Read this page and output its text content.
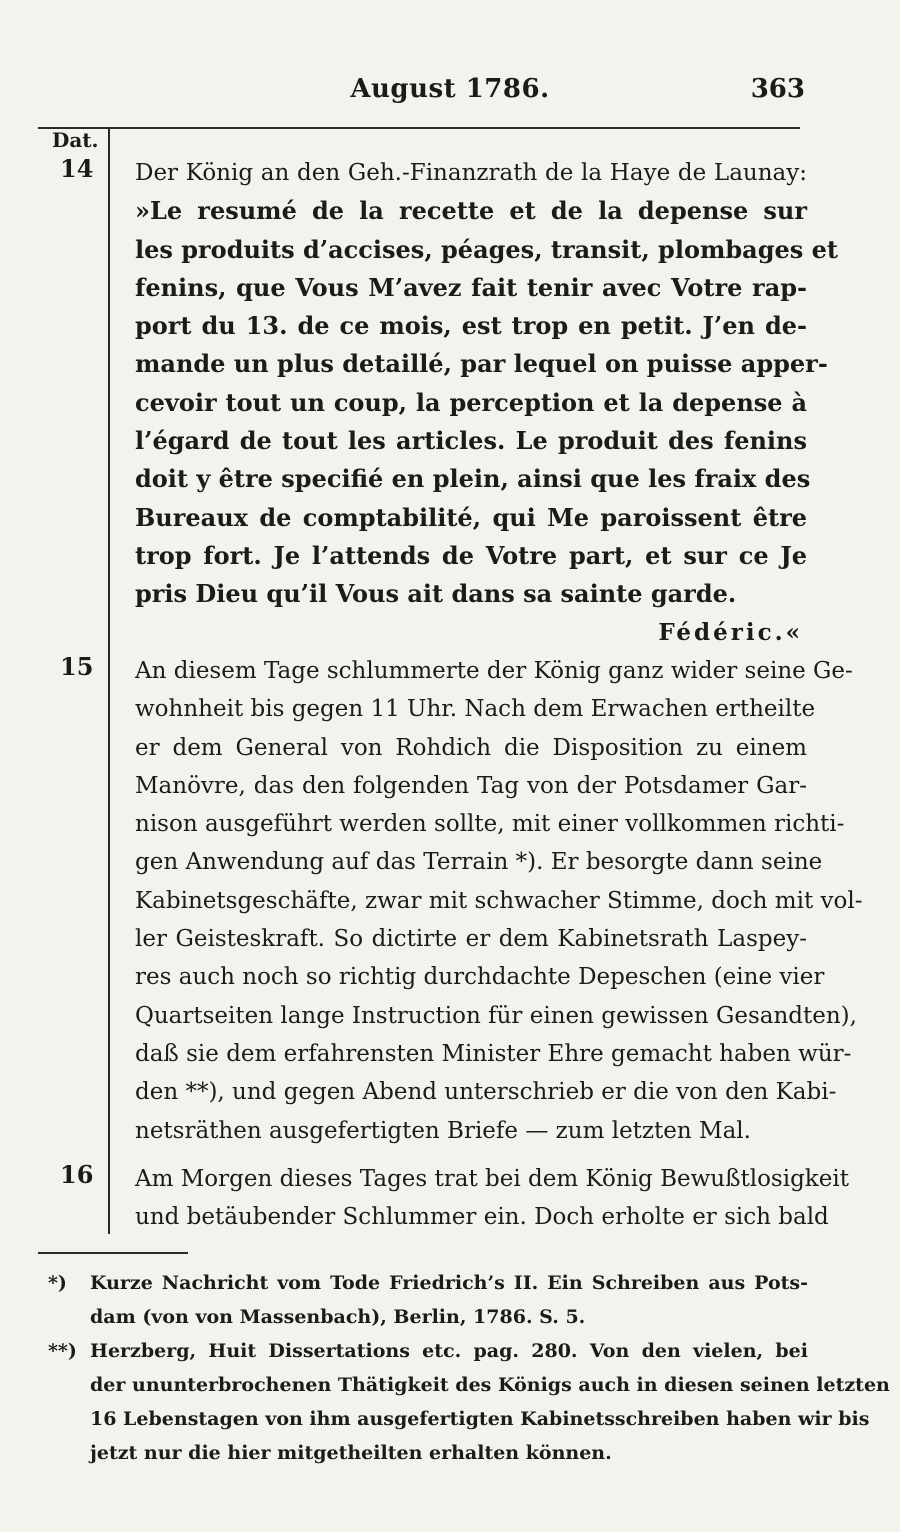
August 1786.	363
Dat.
14 Der König an den Geh.-Finanzrath de la Haye de Launay:
»Le resumé de la recette et de la depense sur
les produits d’accises, péages, transit, plombages et
fenins, que Vous M’avez fait tenir avec Votre rap-
port du 13. de ce mois, est trop en petit. J’en de-
mande un plus detaillé, par lequel on puisse apper-
cevoir tout un coup, la perception et la depense à
l’égard de tout les articles. Le produit des fenins
doit y être specifié en plein, ainsi que les fraix des
Bureaux de comptabilité, qui Me paroissent être
trop fort. Je l’attends de Votre part, et sur ce Je
pris Dieu qu’il Vous ait dans sa sainte garde.
Fédéric.«
15 An diesem Tage schlummerte der König ganz wider seine Ge-
wohnheit bis gegen 11 Uhr. Nach dem Erwachen ertheilte
er dem General von Rohdich die Disposition zu einem
Manövre, das den folgenden Tag von der Potsdamer Gar-
nison ausgeführt werden sollte, mit einer vollkommen richti-
gen Anwendung auf das Terrain *). Er besorgte dann seine
Kabinetsgeschäfte, zwar mit schwacher Stimme, doch mit vol-
ler Geisteskraft. So dictirte er dem Kabinetsrath Laspey-
res auch noch so richtig durchdachte Depeschen (eine vier
Quartseiten lange Instruction für einen gewissen Gesandten),
daß sie dem erfahrensten Minister Ehre gemacht haben wür-
den **), und gegen Abend unterschrieb er die von den Kabi-
netsräthen ausgefertigten Briefe — zum letzten Mal.
16 Am Morgen dieses Tages trat bei dem König Bewußtlosigkeit
und betäubender Schlummer ein. Doch erholte er sich bald
*) Kurze Nachricht vom Tode Friedrich’s II. Ein Schreiben aus Pots-
dam (von von Massenbach), Berlin, 1786. S. 5.
**) Herzberg, Huit Dissertations etc. pag. 280. Von den vielen, bei
der ununterbrochenen Thätigkeit des Königs auch in diesen seinen letzten
16 Lebenstagen von ihm ausgefertigten Kabinetsschreiben haben wir bis
jetzt nur die hier mitgetheilten erhalten können.
